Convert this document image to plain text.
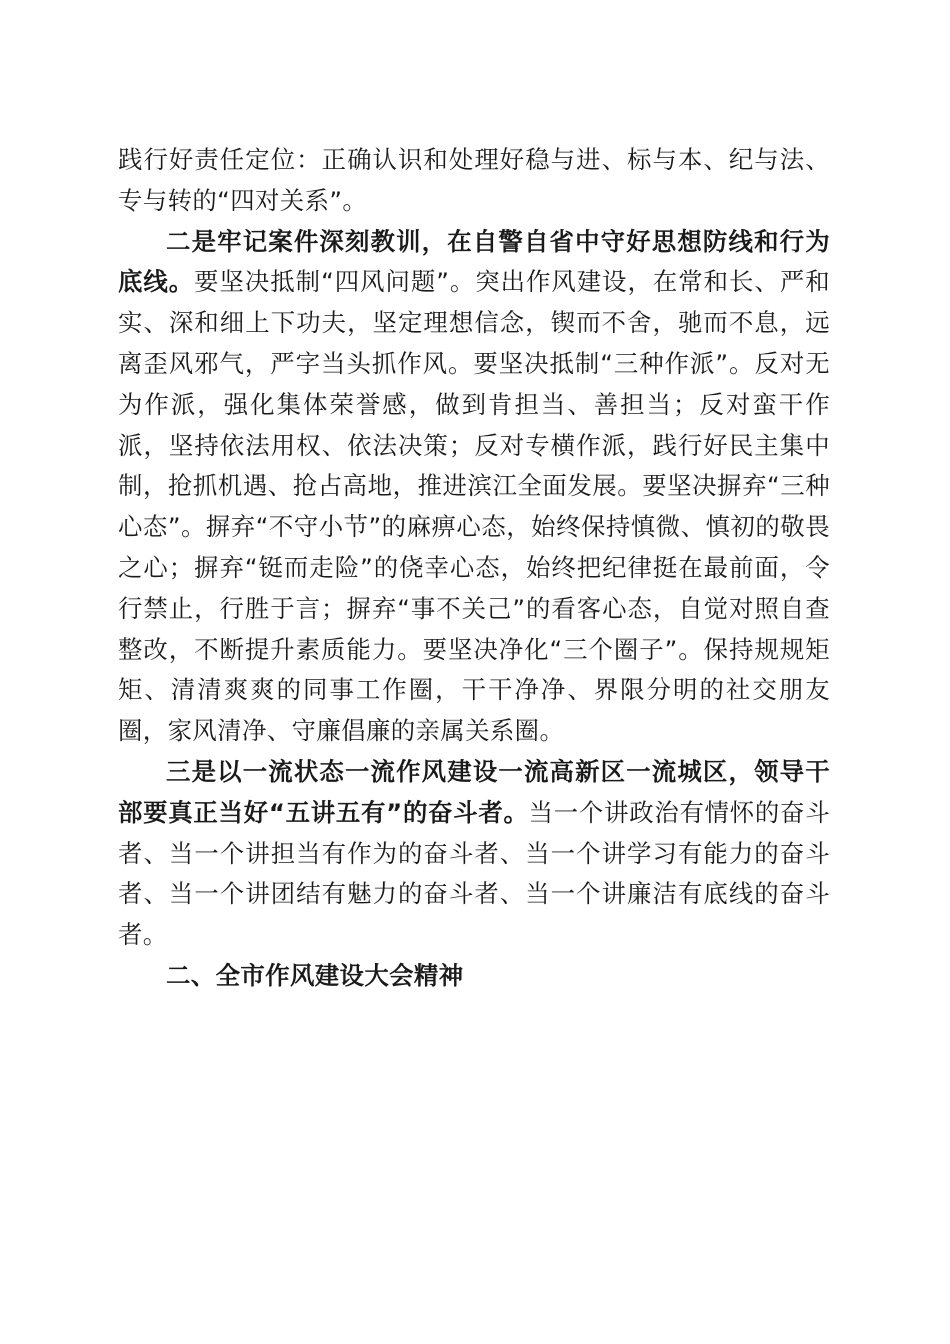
践行好责任定位：正确认识和处理好稳与进、标与本、纪与法、专与转的“四对关系”。

二是牢记案件深刻教训，在自警自省中守好思想防线和行为底线。要坚决抵制“四风问题”。突出作风建设，在常和长、严和实、深和细上下功夫，坚定理想信念，锲而不舍，驰而不息，远离歪风邪气，严字当头抓作风。要坚决抵制“三种作派”。反对无为作派，强化集体荣誉感，做到肯担当、善担当；反对蛮干作派，坚持依法用权、依法决策；反对专横作派，践行好民主集中制，抢抓机遇、抢占高地，推进滨江全面发展。要坚决摒弃“三种心态”。摒弃“不守小节”的麻痹心态，始终保持慎微、慎初的敬畏之心；摒弃“铤而走险”的侥幸心态，始终把纪律挺在最前面，令行禁止，行胜于言；摒弃“事不关己”的看客心态，自觉对照自查整改，不断提升素质能力。要坚决净化“三个圈子”。保持规规矩矩、清清爽爽的同事工作圈，干干净净、界限分明的社交朋友圈，家风清净、守廉倡廉的亲属关系圈。

三是以一流状态一流作风建设一流高新区一流城区，领导干部要真正当好“五讲五有”的奋斗者。当一个讲政治有情怀的奋斗者、当一个讲担当有作为的奋斗者、当一个讲学习有能力的奋斗者、当一个讲团结有魅力的奋斗者、当一个讲廉洁有底线的奋斗者。

二、全市作风建设大会精神
